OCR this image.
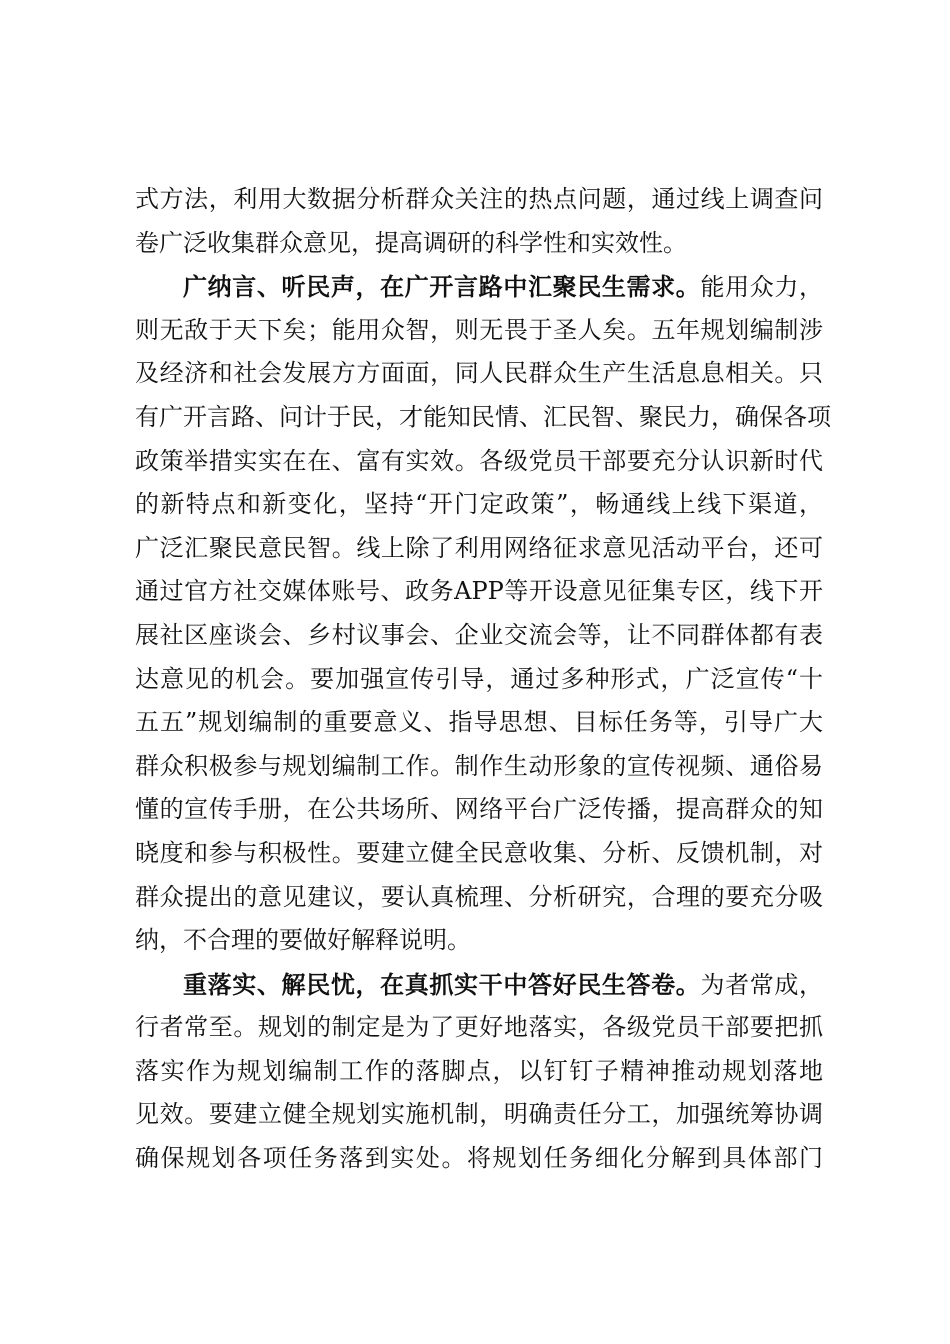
式方法，利用大数据分析群众关注的热点问题，通过线上调查问
卷广泛收集群众意见，提高调研的科学性和实效性。
广纳言、听民声，在广开言路中汇聚民生需求。能用众力，
则无敌于天下矣；能用众智，则无畏于圣人矣。五年规划编制涉
及经济和社会发展方方面面，同人民群众生产生活息息相关。只
有广开言路、问计于民，才能知民情、汇民智、聚民力，确保各项
政策举措实实在在、富有实效。各级党员干部要充分认识新时代
的新特点和新变化，坚持“开门定政策”，畅通线上线下渠道，
广泛汇聚民意民智。线上除了利用网络征求意见活动平台，还可
通过官方社交媒体账号、政务APP等开设意见征集专区，线下开
展社区座谈会、乡村议事会、企业交流会等，让不同群体都有表
达意见的机会。要加强宣传引导，通过多种形式，广泛宣传“十
五五”规划编制的重要意义、指导思想、目标任务等，引导广大
群众积极参与规划编制工作。制作生动形象的宣传视频、通俗易
懂的宣传手册，在公共场所、网络平台广泛传播，提高群众的知
晓度和参与积极性。要建立健全民意收集、分析、反馈机制，对
群众提出的意见建议，要认真梳理、分析研究，合理的要充分吸
纳，不合理的要做好解释说明。
重落实、解民忧，在真抓实干中答好民生答卷。为者常成，
行者常至。规划的制定是为了更好地落实，各级党员干部要把抓
落实作为规划编制工作的落脚点，以钉钉子精神推动规划落地
见效。要建立健全规划实施机制，明确责任分工，加强统筹协调
确保规划各项任务落到实处。将规划任务细化分解到具体部门
